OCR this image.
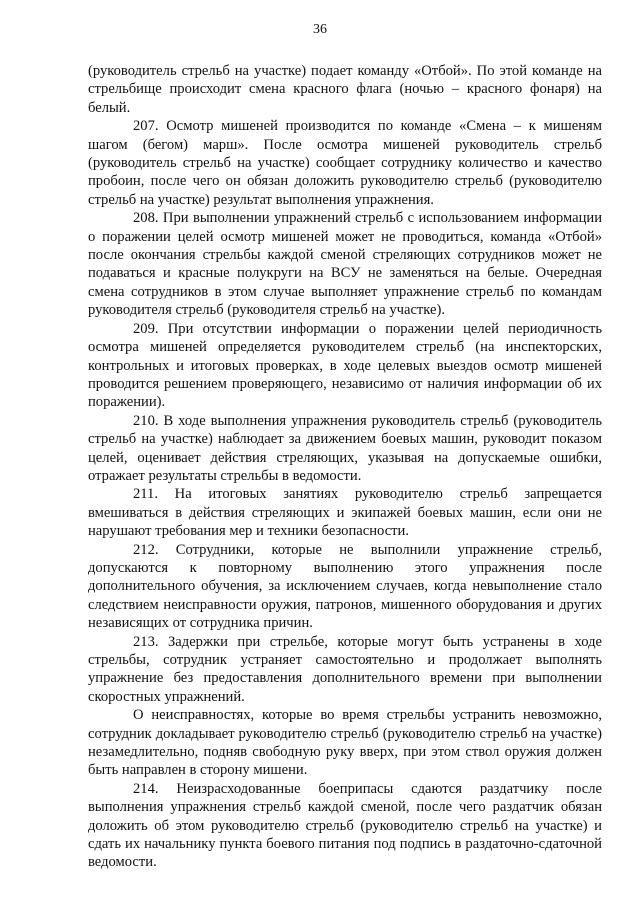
36

(руководитель стрельб на участке) подает команду «Отбой». По этой команде на стрельбище происходит смена красного флага (ночью – красного фонаря) на белый.

207. Осмотр мишеней производится по команде «Смена – к мишеням шагом (бегом) марш». После осмотра мишеней руководитель стрельб (руководитель стрельб на участке) сообщает сотруднику количество и качество пробоин, после чего он обязан доложить руководителю стрельб (руководителю стрельб на участке) результат выполнения упражнения.

208. При выполнении упражнений стрельб с использованием информации о поражении целей осмотр мишеней может не проводиться, команда «Отбой» после окончания стрельбы каждой сменой стреляющих сотрудников может не подаваться и красные полукруги на ВСУ не заменяться на белые. Очередная смена сотрудников в этом случае выполняет упражнение стрельб по командам руководителя стрельб (руководителя стрельб на участке).

209. При отсутствии информации о поражении целей периодичность осмотра мишеней определяется руководителем стрельб (на инспекторских, контрольных и итоговых проверках, в ходе целевых выездов осмотр мишеней проводится решением проверяющего, независимо от наличия информации об их поражении).

210. В ходе выполнения упражнения руководитель стрельб (руководитель стрельб на участке) наблюдает за движением боевых машин, руководит показом целей, оценивает действия стреляющих, указывая на допускаемые ошибки, отражает результаты стрельбы в ведомости.

211. На итоговых занятиях руководителю стрельб запрещается вмешиваться в действия стреляющих и экипажей боевых машин, если они не нарушают требования мер и техники безопасности.

212. Сотрудники, которые не выполнили упражнение стрельб, допускаются к повторному выполнению этого упражнения после дополнительного обучения, за исключением случаев, когда невыполнение стало следствием неисправности оружия, патронов, мишенного оборудования и других независящих от сотрудника причин.

213. Задержки при стрельбе, которые могут быть устранены в ходе стрельбы, сотрудник устраняет самостоятельно и продолжает выполнять упражнение без предоставления дополнительного времени при выполнении скоростных упражнений.

О неисправностях, которые во время стрельбы устранить невозможно, сотрудник докладывает руководителю стрельб (руководителю стрельб на участке) незамедлительно, подняв свободную руку вверх, при этом ствол оружия должен быть направлен в сторону мишени.

214. Неизрасходованные боеприпасы сдаются раздатчику после выполнения упражнения стрельб каждой сменой, после чего раздатчик обязан доложить об этом руководителю стрельб (руководителю стрельб на участке) и сдать их начальнику пункта боевого питания под подпись в раздаточно-сдаточной ведомости.
